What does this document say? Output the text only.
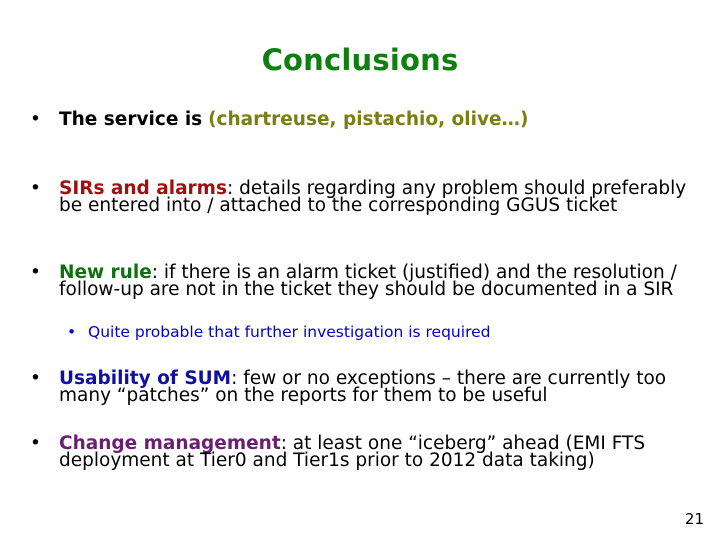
Conclusions
• The service is (chartreuse, pistachio, olive…)
• SIRs and alarms: details regarding any problem should preferably be entered into / attached to the corresponding GGUS ticket
• New rule: if there is an alarm ticket (justified) and the resolution / follow-up are not in the ticket they should be documented in a SIR
• Quite probable that further investigation is required
• Usability of SUM: few or no exceptions – there are currently too many “patches” on the reports for them to be useful
• Change management: at least one “iceberg” ahead (EMI FTS deployment at Tier0 and Tier1s prior to 2012 data taking)
21
